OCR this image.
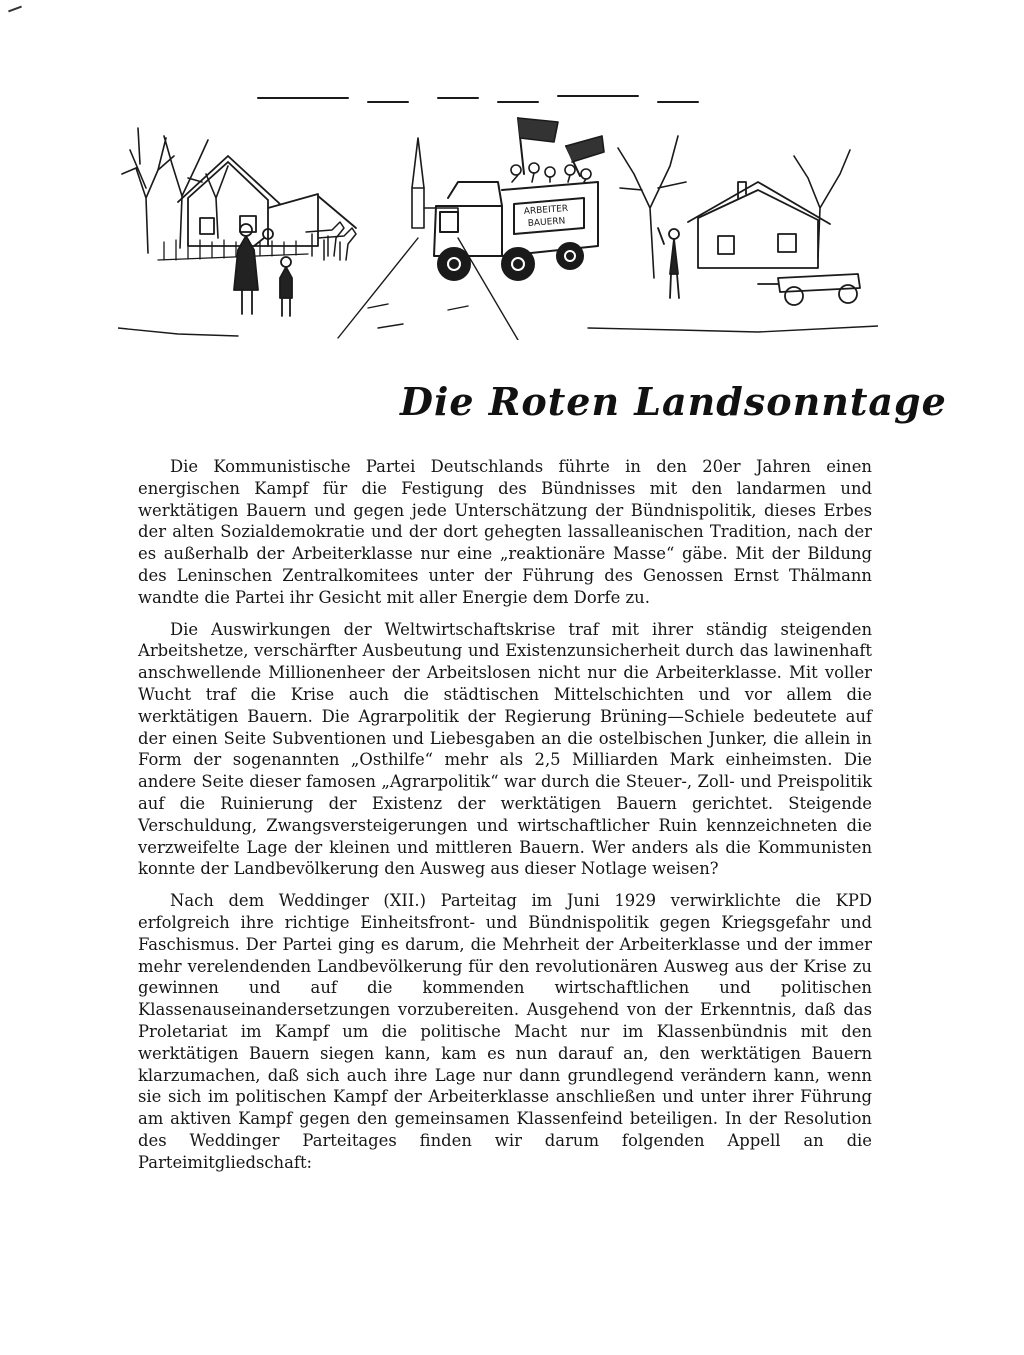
ARBEITER
BAUERN
Die Roten Landsonntage

Die Kommunistische Partei Deutschlands führte in den 20er Jahren einen energischen Kampf für die Festigung des Bündnisses mit den landarmen und werktätigen Bauern und gegen jede Unterschätzung der Bündnispolitik, dieses Erbes der alten Sozialdemokratie und der dort gehegten lassalleanischen Tradition, nach der es außerhalb der Arbeiterklasse nur eine „reaktionäre Masse“ gäbe. Mit der Bildung des Leninschen Zentralkomitees unter der Führung des Genossen Ernst Thälmann wandte die Partei ihr Gesicht mit aller Energie dem Dorfe zu.

Die Auswirkungen der Weltwirtschaftskrise traf mit ihrer ständig steigenden Arbeitshetze, verschärfter Ausbeutung und Existenzunsicherheit durch das lawinenhaft anschwellende Millionenheer der Arbeitslosen nicht nur die Arbeiterklasse. Mit voller Wucht traf die Krise auch die städtischen Mittelschichten und vor allem die werktätigen Bauern. Die Agrarpolitik der Regierung Brüning—Schiele bedeutete auf der einen Seite Subventionen und Liebesgaben an die ostelbischen Junker, die allein in Form der sogenannten „Osthilfe“ mehr als 2,5 Milliarden Mark einheimsten. Die andere Seite dieser famosen „Agrarpolitik“ war durch die Steuer-, Zoll- und Preispolitik auf die Ruinierung der Existenz der werktätigen Bauern gerichtet. Steigende Verschuldung, Zwangsversteigerungen und wirtschaftlicher Ruin kennzeichneten die verzweifelte Lage der kleinen und mittleren Bauern. Wer anders als die Kommunisten konnte der Landbevölkerung den Ausweg aus dieser Notlage weisen?

Nach dem Weddinger (XII.) Parteitag im Juni 1929 verwirklichte die KPD erfolgreich ihre richtige Einheitsfront- und Bündnispolitik gegen Kriegsgefahr und Faschismus. Der Partei ging es darum, die Mehrheit der Arbeiterklasse und der immer mehr verelendenden Landbevölkerung für den revolutionären Ausweg aus der Krise zu gewinnen und auf die kommenden wirtschaftlichen und politischen Klassenauseinandersetzungen vorzubereiten. Ausgehend von der Erkenntnis, daß das Proletariat im Kampf um die politische Macht nur im Klassenbündnis mit den werktätigen Bauern siegen kann, kam es nun darauf an, den werktätigen Bauern klarzumachen, daß sich auch ihre Lage nur dann grundlegend verändern kann, wenn sie sich im politischen Kampf der Arbeiterklasse anschließen und unter ihrer Führung am aktiven Kampf gegen den gemeinsamen Klassenfeind beteiligen. In der Resolution des Weddinger Parteitages finden wir darum folgenden Appell an die Parteimitgliedschaft:
